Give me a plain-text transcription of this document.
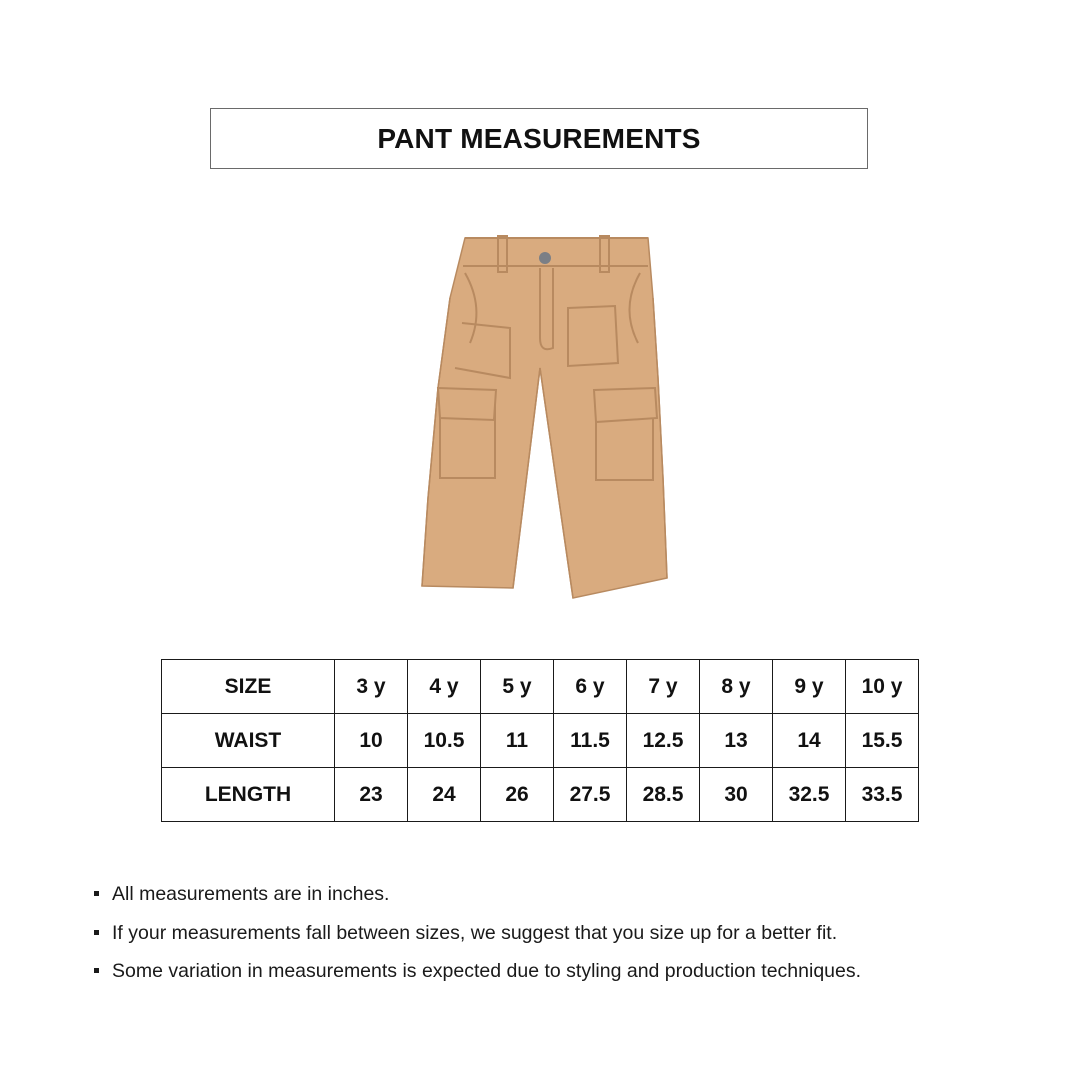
PANT MEASUREMENTS
SIZE	3 y	4 y	5 y	6 y	7 y	8 y	9 y	10 y
WAIST	10	10.5	11	11.5	12.5	13	14	15.5
LENGTH	23	24	26	27.5	28.5	30	32.5	33.5
All measurements are in inches.
If your measurements fall between sizes, we suggest that you size up for a better fit.
Some variation in measurements is expected due to styling and production techniques.
